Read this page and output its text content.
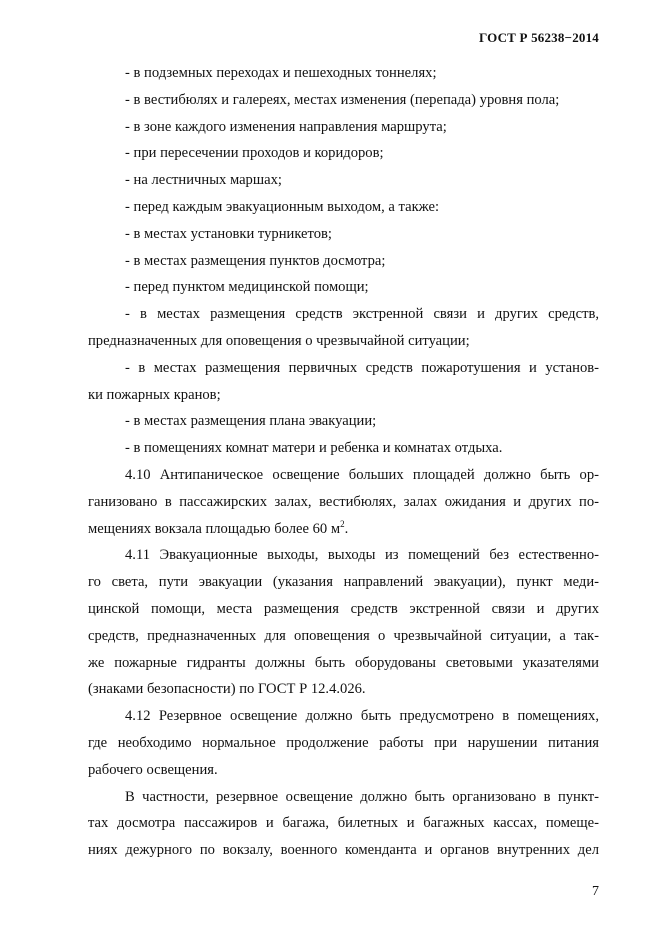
ГОСТ Р 56238−2014
- в подземных переходах и пешеходных тоннелях;
- в вестибюлях и галереях, местах изменения (перепада) уровня пола;
- в зоне каждого изменения направления маршрута;
- при пересечении проходов и коридоров;
- на лестничных маршах;
- перед каждым эвакуационным выходом, а также:
- в местах установки турникетов;
- в местах размещения пунктов досмотра;
- перед пунктом медицинской помощи;
- в местах размещения средств экстренной связи и других средств,
предназначенных для оповещения о чрезвычайной ситуации;
- в местах размещения первичных средств пожаротушения и установ-
ки пожарных кранов;
- в местах размещения плана эвакуации;
- в помещениях комнат матери и ребенка и комнатах отдыха.
4.10 Антипаническое освещение больших площадей должно быть ор-
ганизовано в пассажирских залах, вестибюлях, залах ожидания и других по-
мещениях вокзала площадью более 60 $м^2$.
4.11 Эвакуационные выходы, выходы из помещений без естественно-
го света, пути эвакуации (указания направлений эвакуации), пункт меди-
цинской помощи, места размещения средств экстренной связи и других
средств, предназначенных для оповещения о чрезвычайной ситуации, а так-
же пожарные гидранты должны быть оборудованы световыми указателями
(знаками безопасности) по ГОСТ Р 12.4.026.
4.12 Резервное освещение должно быть предусмотрено в помещениях,
где необходимо нормальное продолжение работы при нарушении питания
рабочего освещения.
В частности, резервное освещение должно быть организовано в пункт-
тах досмотра пассажиров и багажа, билетных и багажных кассах, помеще-
ниях дежурного по вокзалу, военного коменданта и органов внутренних дел
7
